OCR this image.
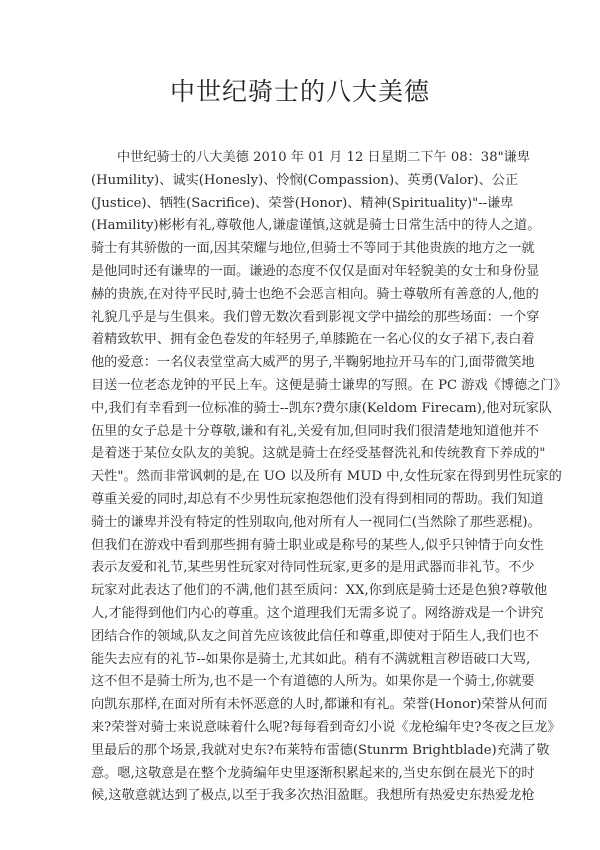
中世纪骑士的八大美德
中世纪骑士的八大美德 2010 年 01 月 12 日星期二下午 08：38"谦卑
(Humility)、诚实(Honesly)、怜悯(Compassion)、英勇(Valor)、公正
(Justice)、牺牲(Sacrifice)、荣誉(Honor)、精神(Spirituality)"--谦卑
(Hamility)彬彬有礼,尊敬他人,谦虚谨慎,这就是骑士日常生活中的待人之道。
骑士有其骄傲的一面,因其荣耀与地位,但骑士不等同于其他贵族的地方之一就
是他同时还有谦卑的一面。谦逊的态度不仅仅是面对年轻貌美的女士和身份显
赫的贵族,在对待平民时,骑士也绝不会恶言相向。骑士尊敬所有善意的人,他的
礼貌几乎是与生俱来。我们曾无数次看到影视文学中描绘的那些场面：一个穿
着精致软甲、拥有金色卷发的年轻男子,单膝跪在一名心仪的女子裙下,表白着
他的爱意：一名仪表堂堂高大威严的男子,半鞠躬地拉开马车的门,面带微笑地
目送一位老态龙钟的平民上车。这便是骑士谦卑的写照。在 PC 游戏《博德之门》
中,我们有幸看到一位标准的骑士--凯东?费尔康(Keldom Firecam),他对玩家队
伍里的女子总是十分尊敬,谦和有礼,关爱有加,但同时我们很清楚地知道他并不
是着迷于某位女队友的美貌。这就是骑士在经受基督洗礼和传统教育下养成的"
天性"。然而非常讽刺的是,在 UO 以及所有 MUD 中,女性玩家在得到男性玩家的
尊重关爱的同时,却总有不少男性玩家抱怨他们没有得到相同的帮助。我们知道
骑士的谦卑并没有特定的性别取向,他对所有人一视同仁(当然除了那些恶棍)。
但我们在游戏中看到那些拥有骑士职业或是称号的某些人,似乎只钟情于向女性
表示友爱和礼节,某些男性玩家对待同性玩家,更多的是用武器而非礼节。不少
玩家对此表达了他们的不满,他们甚至质问：XX,你到底是骑士还是色狼?尊敬他
人,才能得到他们内心的尊重。这个道理我们无需多说了。网络游戏是一个讲究
团结合作的领域,队友之间首先应该彼此信任和尊重,即使对于陌生人,我们也不
能失去应有的礼节--如果你是骑士,尤其如此。稍有不满就粗言秽语破口大骂,
这不但不是骑士所为,也不是一个有道德的人所为。如果你是一个骑士,你就要
向凯东那样,在面对所有未怀恶意的人时,都谦和有礼。荣誉(Honor)荣誉从何而
来?荣誉对骑士来说意味着什么呢?每每看到奇幻小说《龙枪编年史?冬夜之巨龙》
里最后的那个场景,我就对史东?布莱特布雷德(Stunrm Brightblade)充满了敬
意。嗯,这敬意是在整个龙骑编年史里逐渐积累起来的,当史东倒在晨光下的时
候,这敬意就达到了极点,以至于我多次热泪盈眶。我想所有热爱史东热爱龙枪
